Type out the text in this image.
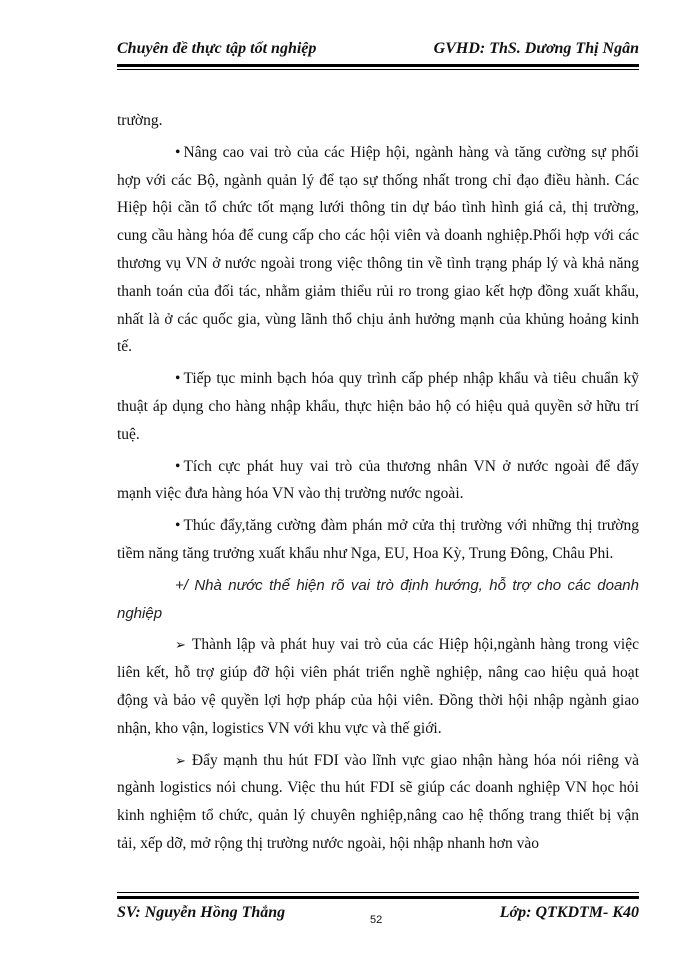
Chuyên đề thực tập tốt nghiệp	GVHD: ThS. Dương Thị Ngân

trường.

• Nâng cao vai trò của các Hiệp hội, ngành hàng và tăng cường sự phối hợp với các Bộ, ngành quản lý để tạo sự thống nhất trong chỉ đạo điều hành. Các Hiệp hội cần tổ chức tốt mạng lưới thông tin dự báo tình hình giá cả, thị trường, cung cầu hàng hóa để cung cấp cho các hội viên và doanh nghiệp.Phối hợp với các thương vụ VN ở nước ngoài trong việc thông tin về tình trạng pháp lý và khả năng thanh toán của đối tác, nhằm giảm thiểu rủi ro trong giao kết hợp đồng xuất khẩu, nhất là ở các quốc gia, vùng lãnh thổ chịu ảnh hưởng mạnh của khủng hoảng kinh tế.

• Tiếp tục minh bạch hóa quy trình cấp phép nhập khẩu và tiêu chuẩn kỹ thuật áp dụng cho hàng nhập khẩu, thực hiện bảo hộ có hiệu quả quyền sở hữu trí tuệ.

• Tích cực phát huy vai trò của thương nhân VN ở nước ngoài để đẩy mạnh việc đưa hàng hóa VN vào thị trường nước ngoài.

• Thúc đẩy,tăng cường đàm phán mở cửa thị trường với những thị trường tiềm năng tăng trưởng xuất khẩu như Nga, EU, Hoa Kỳ, Trung Đông, Châu Phi.

+/ Nhà nước thể hiện rõ vai trò định hướng, hỗ trợ cho các doanh nghiệp

➢ Thành lập và phát huy vai trò của các Hiệp hội,ngành hàng trong việc liên kết, hỗ trợ giúp đỡ hội viên phát triển nghề nghiệp, nâng cao hiệu quả hoạt động và bảo vệ quyền lợi hợp pháp của hội viên. Đồng thời hội nhập ngành giao nhận, kho vận, logistics VN với khu vực và thế giới.

➢ Đẩy mạnh thu hút FDI vào lĩnh vực giao nhận hàng hóa nói riêng và ngành logistics nói chung. Việc thu hút FDI sẽ giúp các doanh nghiệp VN học hỏi kinh nghiệm tổ chức, quản lý chuyên nghiệp,nâng cao hệ thống trang thiết bị vận tải, xếp dỡ, mở rộng thị trường nước ngoài, hội nhập nhanh hơn vào

SV: Nguyễn Hồng Thắng	52	Lớp: QTKDTM- K40
